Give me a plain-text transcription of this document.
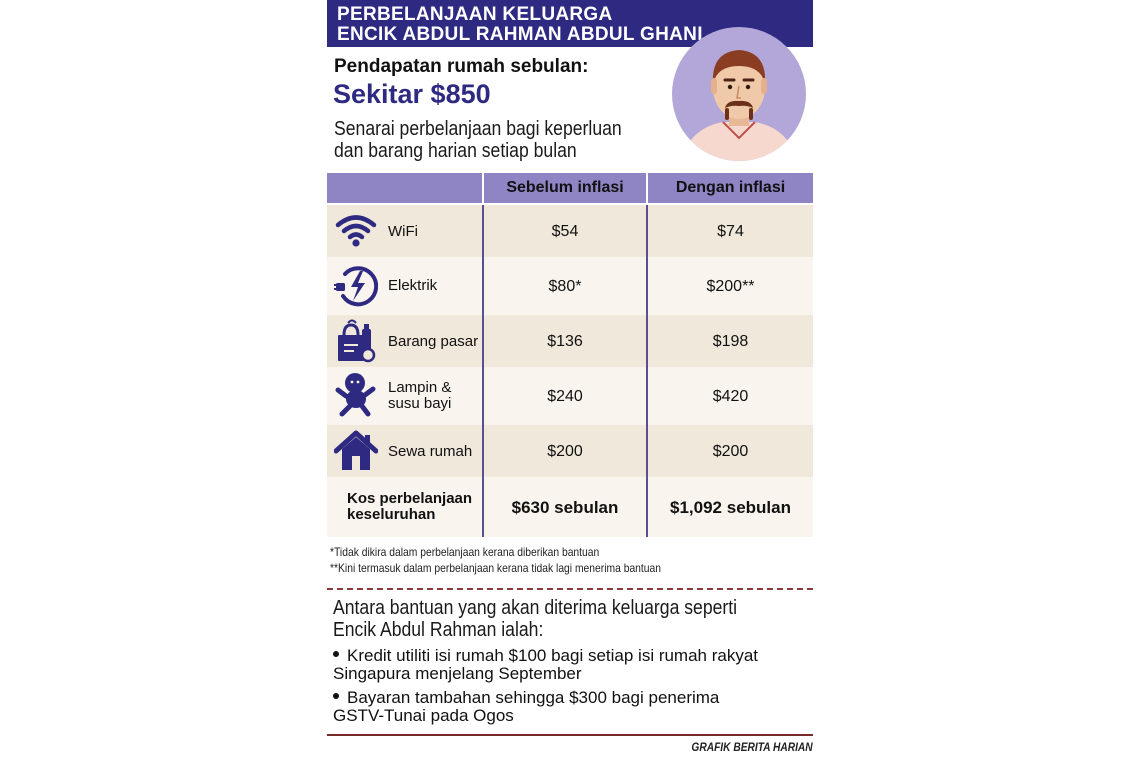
PERBELANJAAN KELUARGA
ENCIK ABDUL RAHMAN ABDUL GHANI
Pendapatan rumah sebulan:
Sekitar $850
Senarai perbelanjaan bagi keperluan
dan barang harian setiap bulan
Sebelum inflasi	Dengan inflasi
WiFi	$54	$74
Elektrik	$80*	$200**
Barang pasar	$136	$198
Lampin &
susu bayi	$240	$420
Sewa rumah	$200	$200
Kos perbelanjaan
keseluruhan	$630 sebulan	$1,092 sebulan
*Tidak dikira dalam perbelanjaan kerana diberikan bantuan
**Kini termasuk dalam perbelanjaan kerana tidak lagi menerima bantuan
Antara bantuan yang akan diterima keluarga seperti
Encik Abdul Rahman ialah:
Kredit utiliti isi rumah $100 bagi setiap isi rumah rakyat
Singapura menjelang September
Bayaran tambahan sehingga $300 bagi penerima
GSTV-Tunai pada Ogos
GRAFIK BERITA HARIAN
